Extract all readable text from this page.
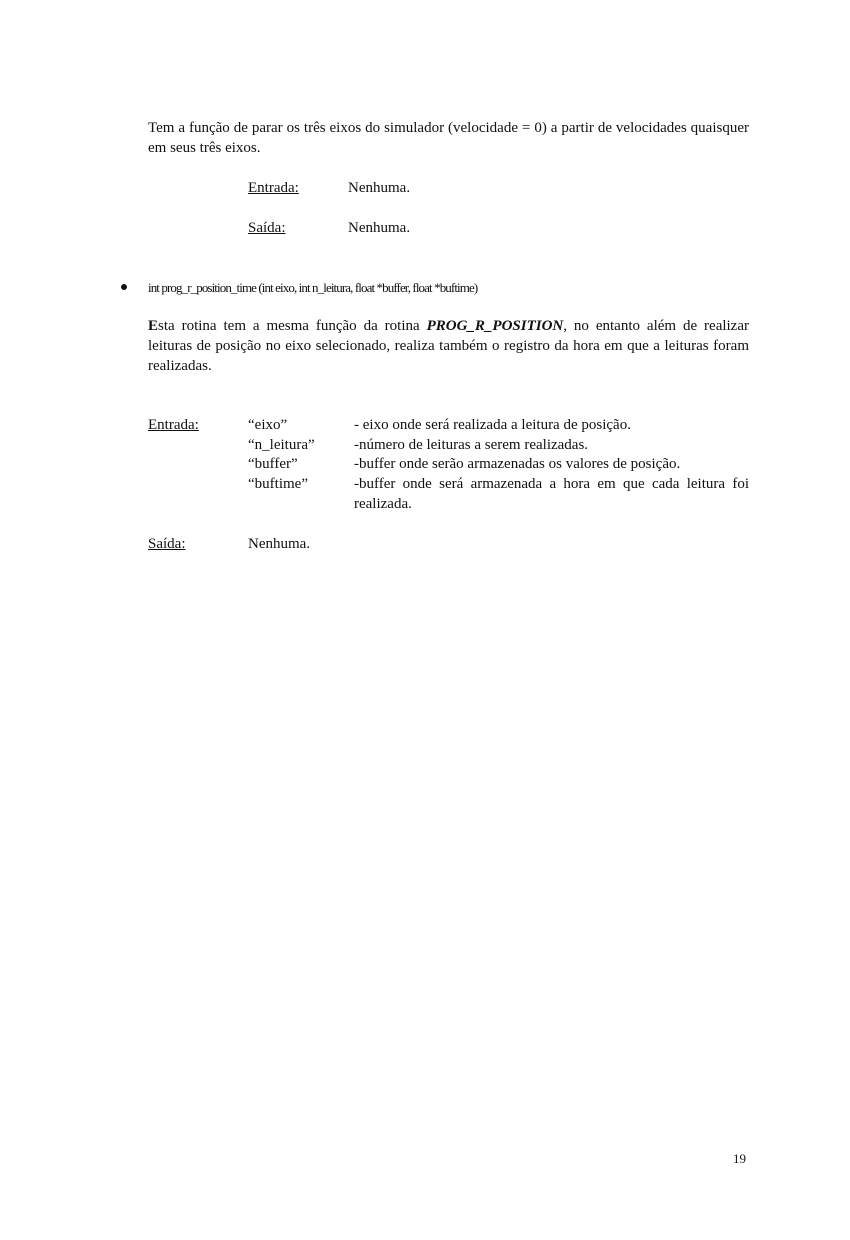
Tem a função de parar os três eixos do simulador (velocidade = 0) a partir de velocidades quaisquer em seus três eixos.
Entrada:	Nenhuma.
Saída:	Nenhuma.
int prog_r_position_time (int eixo, int n_leitura, float *buffer, float *buftime)
Esta rotina tem a mesma função da rotina PROG_R_POSITION, no entanto além de realizar leituras de posição no eixo selecionado, realiza também o registro da hora em que a leituras foram realizadas.
Entrada:	“eixo”	- eixo onde será realizada a leitura de posição.
“n_leitura”	-número de leituras a serem realizadas.
“buffer”	-buffer onde serão armazenadas os valores de posição.
“buftime”	-buffer onde será armazenada a hora em que cada leitura foi realizada.
Saída:	Nenhuma.
19
